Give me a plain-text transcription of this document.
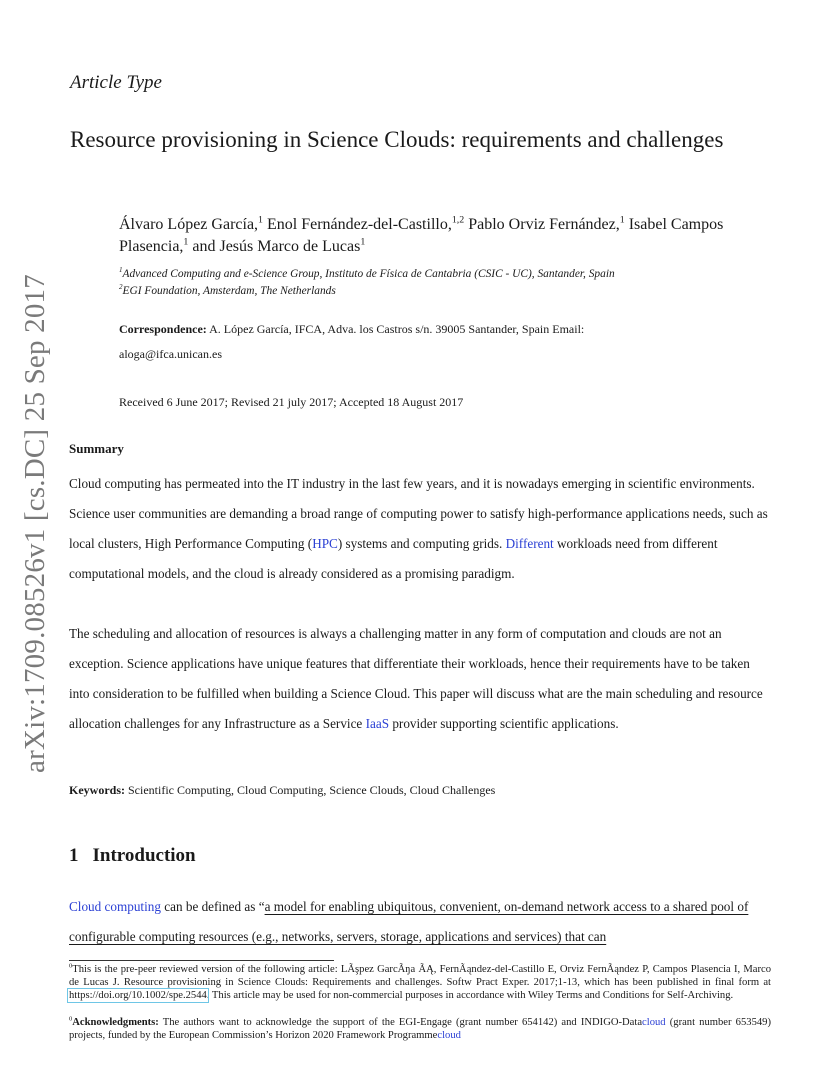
arXiv:1709.08526v1 [cs.DC] 25 Sep 2017
Article Type
Resource provisioning in Science Clouds: requirements and challenges
Álvaro López García,$^1$ Enol Fernández-del-Castillo,$^{1,2}$ Pablo Orviz Fernández,$^1$ Isabel Campos Plasencia,$^1$ and Jesús Marco de Lucas$^1$
$^1$Advanced Computing and e-Science Group, Instituto de Física de Cantabria (CSIC - UC), Santander, Spain
$^2$EGI Foundation, Amsterdam, The Netherlands
Correspondence: A. López García, IFCA, Adva. los Castros s/n. 39005 Santander, Spain Email:
aloga@ifca.unican.es
Received 6 June 2017; Revised 21 july 2017; Accepted 18 August 2017
Summary
Cloud computing has permeated into the IT industry in the last few years, and it is nowadays emerging in scientific environments. Science user communities are demanding a broad range of computing power to satisfy high-performance applications needs, such as local clusters, High Performance Computing (HPC) systems and computing grids. Different workloads need from different computational models, and the cloud is already considered as a promising paradigm.
The scheduling and allocation of resources is always a challenging matter in any form of computation and clouds are not an exception. Science applications have unique features that differentiate their workloads, hence their requirements have to be taken into consideration to be fulfilled when building a Science Cloud. This paper will discuss what are the main scheduling and resource allocation challenges for any Infrastructure as a Service IaaS provider supporting scientific applications.
Keywords: Scientific Computing, Cloud Computing, Science Clouds, Cloud Challenges
1 Introduction
Cloud computing can be defined as “a model for enabling ubiquitous, convenient, on-demand network access to a shared pool of configurable computing resources (e.g., networks, servers, storage, applications and services) that can
$^0$This is the pre-peer reviewed version of the following article: LÃşpez GarcÃŋa ÃĄ, FernÃąndez-del-Castillo E, Orviz FernÃąndez P, Campos Plasencia I, Marco de Lucas J. Resource provisioning in Science Clouds: Requirements and challenges. Softw Pract Exper. 2017;1-13, which has been published in final form at https://doi.org/10.1002/spe.2544. This article may be used for non-commercial purposes in accordance with Wiley Terms and Conditions for Self-Archiving.
$^0$Acknowledgments: The authors want to acknowledge the support of the EGI-Engage (grant number 654142) and INDIGO-Datacloud (grant number 653549) projects, funded by the European Commission’s Horizon 2020 Framework Programmecloud
